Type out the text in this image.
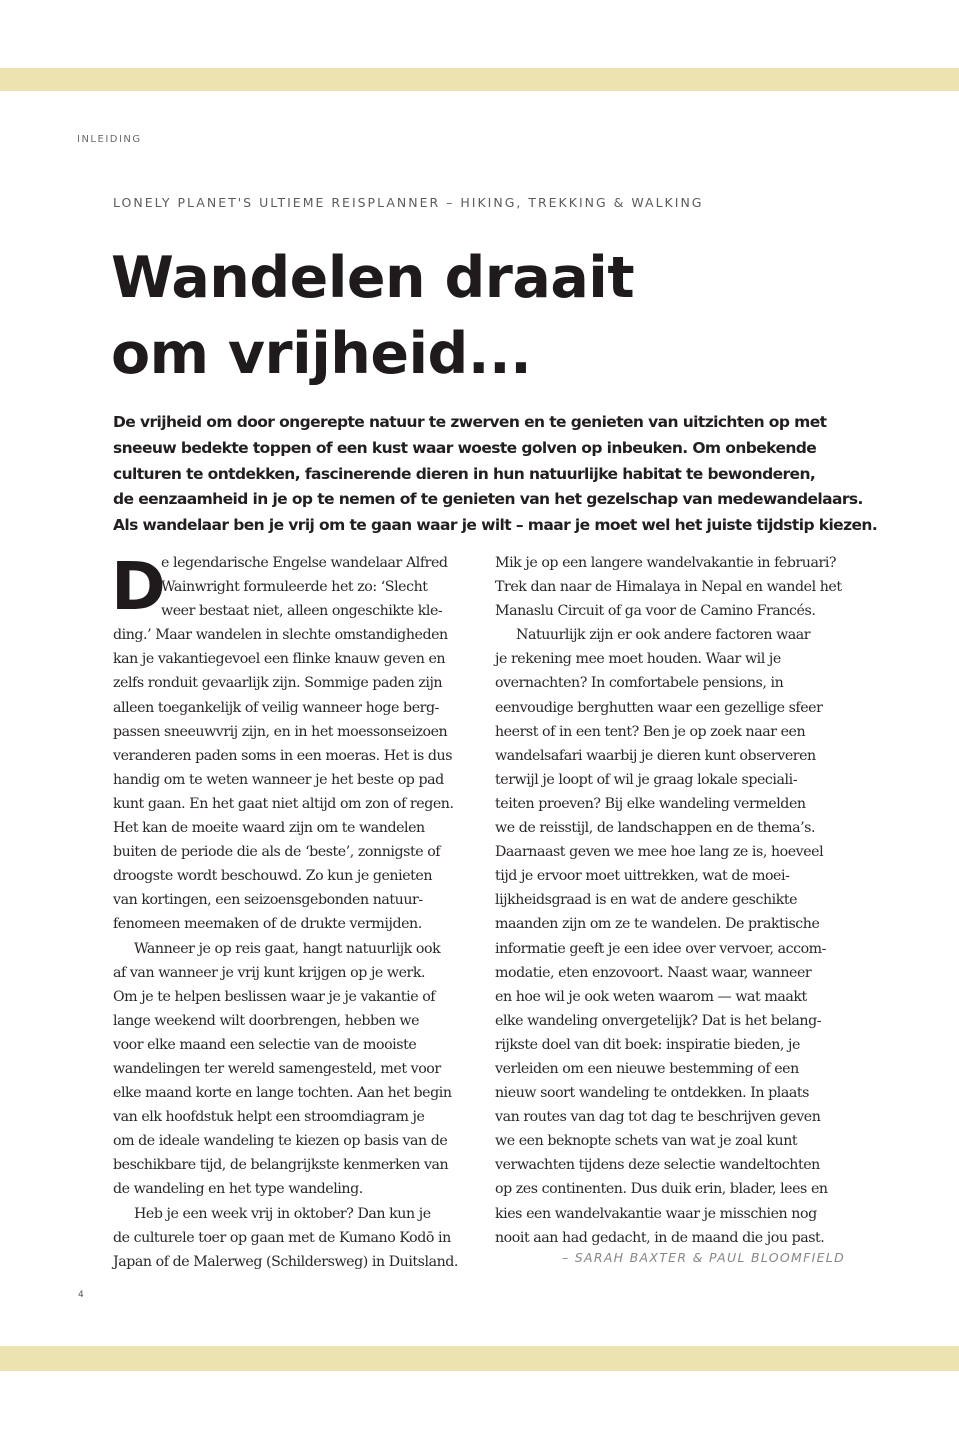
INLEIDING
LONELY PLANET'S ULTIEME REISPLANNER – HIKING, TREKKING & WALKING
Wandelen draait
om vrijheid...
De vrijheid om door ongerepte natuur te zwerven en te genieten van uitzichten op met
sneeuw bedekte toppen of een kust waar woeste golven op inbeuken. Om onbekende
culturen te ontdekken, fascinerende dieren in hun natuurlijke habitat te bewonderen,
de eenzaamheid in je op te nemen of te genieten van het gezelschap van medewandelaars.
Als wandelaar ben je vrij om te gaan waar je wilt – maar je moet wel het juiste tijdstip kiezen.
D
e legendarische Engelse wandelaar Alfred
Wainwright formuleerde het zo: ‘Slecht
weer bestaat niet, alleen ongeschikte kle-
ding.’ Maar wandelen in slechte omstandigheden
kan je vakantiegevoel een flinke knauw geven en
zelfs ronduit gevaarlijk zijn. Sommige paden zijn
alleen toegankelijk of veilig wanneer hoge berg-
passen sneeuwvrij zijn, en in het moessonseizoen
veranderen paden soms in een moeras. Het is dus
handig om te weten wanneer je het beste op pad
kunt gaan. En het gaat niet altijd om zon of regen.
Het kan de moeite waard zijn om te wandelen
buiten de periode die als de ‘beste’, zonnigste of
droogste wordt beschouwd. Zo kun je genieten
van kortingen, een seizoensgebonden natuur-
fenomeen meemaken of de drukte vermijden.
Wanneer je op reis gaat, hangt natuurlijk ook
af van wanneer je vrij kunt krijgen op je werk.
Om je te helpen beslissen waar je je vakantie of
lange weekend wilt doorbrengen, hebben we
voor elke maand een selectie van de mooiste
wandelingen ter wereld samengesteld, met voor
elke maand korte en lange tochten. Aan het begin
van elk hoofdstuk helpt een stroomdiagram je
om de ideale wandeling te kiezen op basis van de
beschikbare tijd, de belangrijkste kenmerken van
de wandeling en het type wandeling.
Heb je een week vrij in oktober? Dan kun je
de culturele toer op gaan met de Kumano Kodō in
Japan of de Malerweg (Schildersweg) in Duitsland.
Mik je op een langere wandelvakantie in februari?
Trek dan naar de Himalaya in Nepal en wandel het
Manaslu Circuit of ga voor de Camino Francés.
Natuurlijk zijn er ook andere factoren waar
je rekening mee moet houden. Waar wil je
overnachten? In comfortabele pensions, in
eenvoudige berghutten waar een gezellige sfeer
heerst of in een tent? Ben je op zoek naar een
wandelsafari waarbij je dieren kunt observeren
terwijl je loopt of wil je graag lokale speciali-
teiten proeven? Bij elke wandeling vermelden
we de reisstijl, de landschappen en de thema’s.
Daarnaast geven we mee hoe lang ze is, hoeveel
tijd je ervoor moet uittrekken, wat de moei-
lijkheidsgraad is en wat de andere geschikte
maanden zijn om ze te wandelen. De praktische
informatie geeft je een idee over vervoer, accom-
modatie, eten enzovoort. Naast waar, wanneer
en hoe wil je ook weten waarom — wat maakt
elke wandeling onvergetelijk? Dat is het belang-
rijkste doel van dit boek: inspiratie bieden, je
verleiden om een nieuwe bestemming of een
nieuw soort wandeling te ontdekken. In plaats
van routes van dag tot dag te beschrijven geven
we een beknopte schets van wat je zoal kunt
verwachten tijdens deze selectie wandeltochten
op zes continenten. Dus duik erin, blader, lees en
kies een wandelvakantie waar je misschien nog
nooit aan had gedacht, in de maand die jou past.
– SARAH BAXTER & PAUL BLOOMFIELD
4
